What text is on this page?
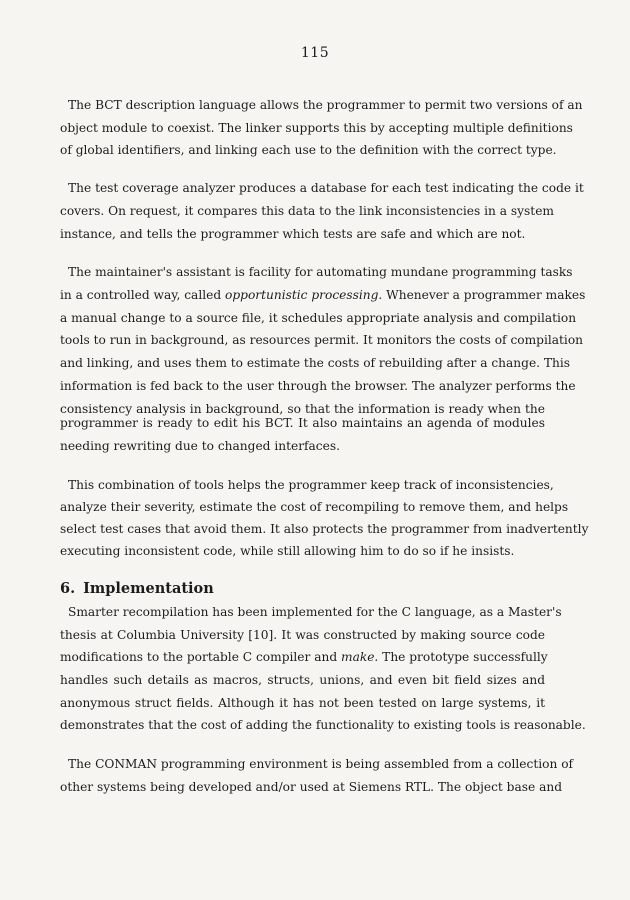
115
The BCT description language allows the programmer to permit two versions of an
object module to coexist. The linker supports this by accepting multiple definitions
of global identifiers, and linking each use to the definition with the correct type.
The test coverage analyzer produces a database for each test indicating the code it
covers. On request, it compares this data to the link inconsistencies in a system
instance, and tells the programmer which tests are safe and which are not.
The maintainer's assistant is facility for automating mundane programming tasks
in a controlled way, called opportunistic processing. Whenever a programmer makes
a manual change to a source file, it schedules appropriate analysis and compilation
tools to run in background, as resources permit. It monitors the costs of compilation
and linking, and uses them to estimate the costs of rebuilding after a change. This
information is fed back to the user through the browser. The analyzer performs the
consistency analysis in background, so that the information is ready when the
programmer is ready to edit his BCT. It also maintains an agenda of modules
needing rewriting due to changed interfaces.
This combination of tools helps the programmer keep track of inconsistencies,
analyze their severity, estimate the cost of recompiling to remove them, and helps
select test cases that avoid them. It also protects the programmer from inadvertently
executing inconsistent code, while still allowing him to do so if he insists.
6. Implementation
Smarter recompilation has been implemented for the C language, as a Master's
thesis at Columbia University [10]. It was constructed by making source code
modifications to the portable C compiler and make. The prototype successfully
handles such details as macros, structs, unions, and even bit field sizes and
anonymous struct fields. Although it has not been tested on large systems, it
demonstrates that the cost of adding the functionality to existing tools is reasonable.
The CONMAN programming environment is being assembled from a collection of
other systems being developed and/or used at Siemens RTL. The object base and
